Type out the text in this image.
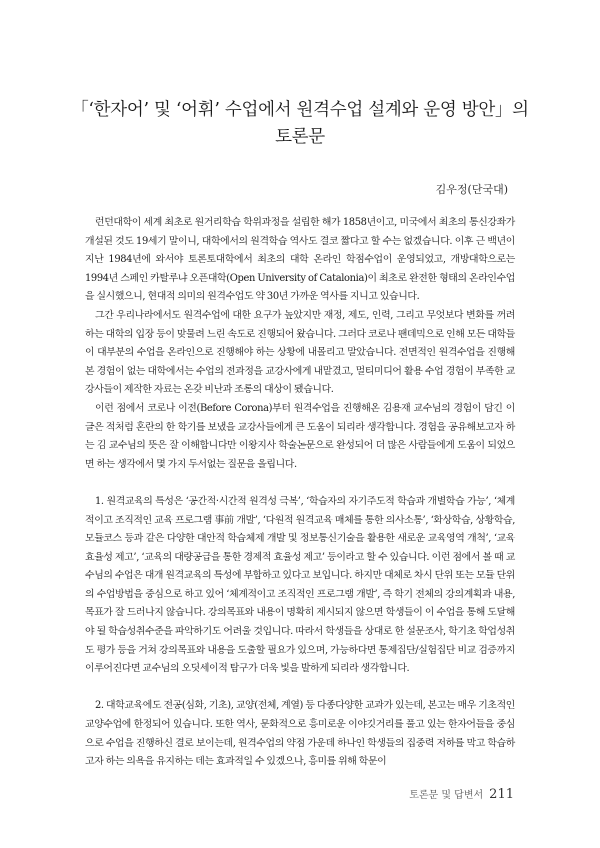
「‘한자어’ 및 ‘어휘’ 수업에서 원격수업 설계와 운영 방안」의
토론문
김우정(단국대)

런던대학이 세계 최초로 원거리학습 학위과정을 설립한 해가 1858년이고, 미국에서 최초의 통신강좌가 개설된 것도 19세기 말이니, 대학에서의 원격학습 역사도 결코 짧다고 할 수는 없겠습니다. 이후 근 백년이 지난 1984년에 와서야 토론토대학에서 최초의 대학 온라인 학점수업이 운영되었고, 개방대학으로는 1994년 스페인 카탈루냐 오픈대학(Open University of Catalonia)이 최초로 완전한 형태의 온라인수업을 실시했으니, 현대적 의미의 원격수업도 약 30년 가까운 역사를 지니고 있습니다.

그간 우리나라에서도 원격수업에 대한 요구가 높았지만 재정, 제도, 인력, 그리고 무엇보다 변화를 꺼려하는 대학의 입장 등이 맞물려 느린 속도로 진행되어 왔습니다. 그러다 코로나 팬데믹으로 인해 모든 대학들이 대부분의 수업을 온라인으로 진행해야 하는 상황에 내몰리고 말았습니다. 전면적인 원격수업을 진행해본 경험이 없는 대학에서는 수업의 전과정을 교강사에게 내맡겼고, 멀티미디어 활용 수업 경험이 부족한 교강사들이 제작한 자료는 온갖 비난과 조롱의 대상이 됐습니다.

이런 점에서 코로나 이전(Before Corona)부터 원격수업을 진행해온 김용재 교수님의 경험이 담긴 이 글은 적처럼 혼란의 한 학기를 보냈을 교강사들에게 큰 도움이 되리라 생각합니다. 경험을 공유해보고자 하는 김 교수님의 뜻은 잘 이해합니다만 이왕지사 학술논문으로 완성되어 더 많은 사람들에게 도움이 되었으면 하는 생각에서 몇 가지 두서없는 질문을 올립니다.

1. 원격교육의 특성은 ‘공간적·시간적 원격성 극복’, ‘학습자의 자기주도적 학습과 개별학습 가능’, ‘체계적이고 조직적인 교육 프로그램 事前 개발’, ‘다원적 원격교육 매체를 통한 의사소통’, ‘화상학습, 상황학습, 모듈코스 등과 같은 다양한 대안적 학습체제 개발 및 정보통신기술을 활용한 새로운 교육영역 개척’, ‘교육 효율성 제고’, ‘교육의 대량공급을 통한 경제적 효율성 제고’ 등이라고 할 수 있습니다. 이런 점에서 볼 때 교수님의 수업은 대개 원격교육의 특성에 부합하고 있다고 보입니다. 하지만 대체로 차시 단위 또는 모듈 단위의 수업방법을 중심으로 하고 있어 ‘체계적이고 조직적인 프로그램 개발’, 즉 학기 전체의 강의계획과 내용, 목표가 잘 드러나지 않습니다. 강의목표와 내용이 명확히 제시되지 않으면 학생들이 이 수업을 통해 도달해야 될 학습성취수준을 파악하기도 어려울 것입니다. 따라서 학생들을 상대로 한 설문조사, 학기초 학업성취도 평가 등을 거쳐 강의목표와 내용을 도출할 필요가 있으며, 가능하다면 통제집단/실험집단 비교 검증까지 이루어진다면 교수님의 오딧세이적 탐구가 더욱 빛을 발하게 되리라 생각합니다.

2. 대학교육에도 전공(심화, 기초), 교양(전체, 계열) 등 다종다양한 교과가 있는데, 본고는 매우 기초적인 교양수업에 한정되어 있습니다. 또한 역사, 문화적으로 흥미로운 이야깃거리를 풀고 있는 한자어들을 중심으로 수업을 진행하신 결로 보이는데, 원격수업의 약점 가운데 하나인 학생들의 집중력 저하를 막고 학습하고자 하는 의욕을 유지하는 데는 효과적일 수 있겠으나, 흥미를 위해 학문이

토론문 및 답변서 211
